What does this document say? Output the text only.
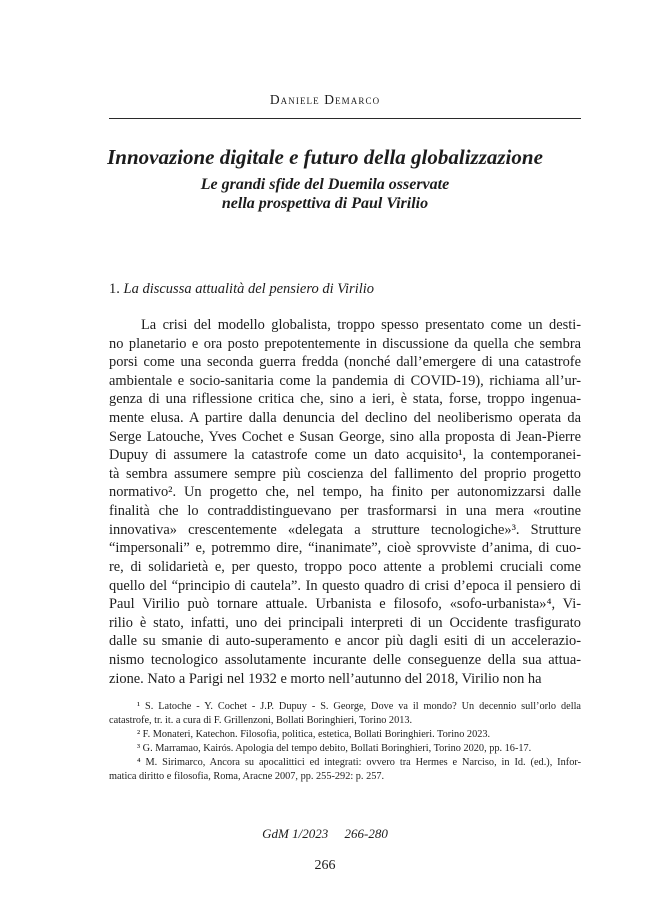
Daniele Demarco
Innovazione digitale e futuro della globalizzazione
Le grandi sfide del Duemila osservate
nella prospettiva di Paul Virilio
1. La discussa attualità del pensiero di Virilio
La crisi del modello globalista, troppo spesso presentato come un desti-
no planetario e ora posto prepotentemente in discussione da quella che sembra
porsi come una seconda guerra fredda (nonché dall’emergere di una catastrofe
ambientale e socio-sanitaria come la pandemia di COVID-19), richiama all’ur-
genza di una riflessione critica che, sino a ieri, è stata, forse, troppo ingenua-
mente elusa. A partire dalla denuncia del declino del neoliberismo operata da
Serge Latouche, Yves Cochet e Susan George, sino alla proposta di Jean-Pierre
Dupuy di assumere la catastrofe come un dato acquisito¹, la contemporanei-
tà sembra assumere sempre più coscienza del fallimento del proprio progetto
normativo². Un progetto che, nel tempo, ha finito per autonomizzarsi dalle
finalità che lo contraddistinguevano per trasformarsi in una mera «routine
innovativa» crescentemente «delegata a strutture tecnologiche»³. Strutture
“impersonali” e, potremmo dire, “inanimate”, cioè sprovviste d’anima, di cuo-
re, di solidarietà e, per questo, troppo poco attente a problemi cruciali come
quello del “principio di cautela”. In questo quadro di crisi d’epoca il pensiero di
Paul Virilio può tornare attuale. Urbanista e filosofo, «sofo-urbanista»⁴, Vi-
rilio è stato, infatti, uno dei principali interpreti di un Occidente trasfigurato
dalle su smanie di auto-superamento e ancor più dagli esiti di un accelerazio-
nismo tecnologico assolutamente incurante delle conseguenze della sua attua-
zione. Nato a Parigi nel 1932 e morto nell’autunno del 2018, Virilio non ha
¹ S. Latoche - Y. Cochet - J.P. Dupuy - S. George, Dove va il mondo? Un decennio sull’orlo della
catastrofe, tr. it. a cura di F. Grillenzoni, Bollati Boringhieri, Torino 2013.
² F. Monateri, Katechon. Filosofia, politica, estetica, Bollati Boringhieri. Torino 2023.
³ G. Marramao, Kairós. Apologia del tempo debito, Bollati Boringhieri, Torino 2020, pp. 16-17.
⁴ M. Sirimarco, Ancora su apocalittici ed integrati: ovvero tra Hermes e Narciso, in Id. (ed.), Infor-
matica diritto e filosofia, Roma, Aracne 2007, pp. 255-292: p. 257.
GdM 1/2023     266-280
266
